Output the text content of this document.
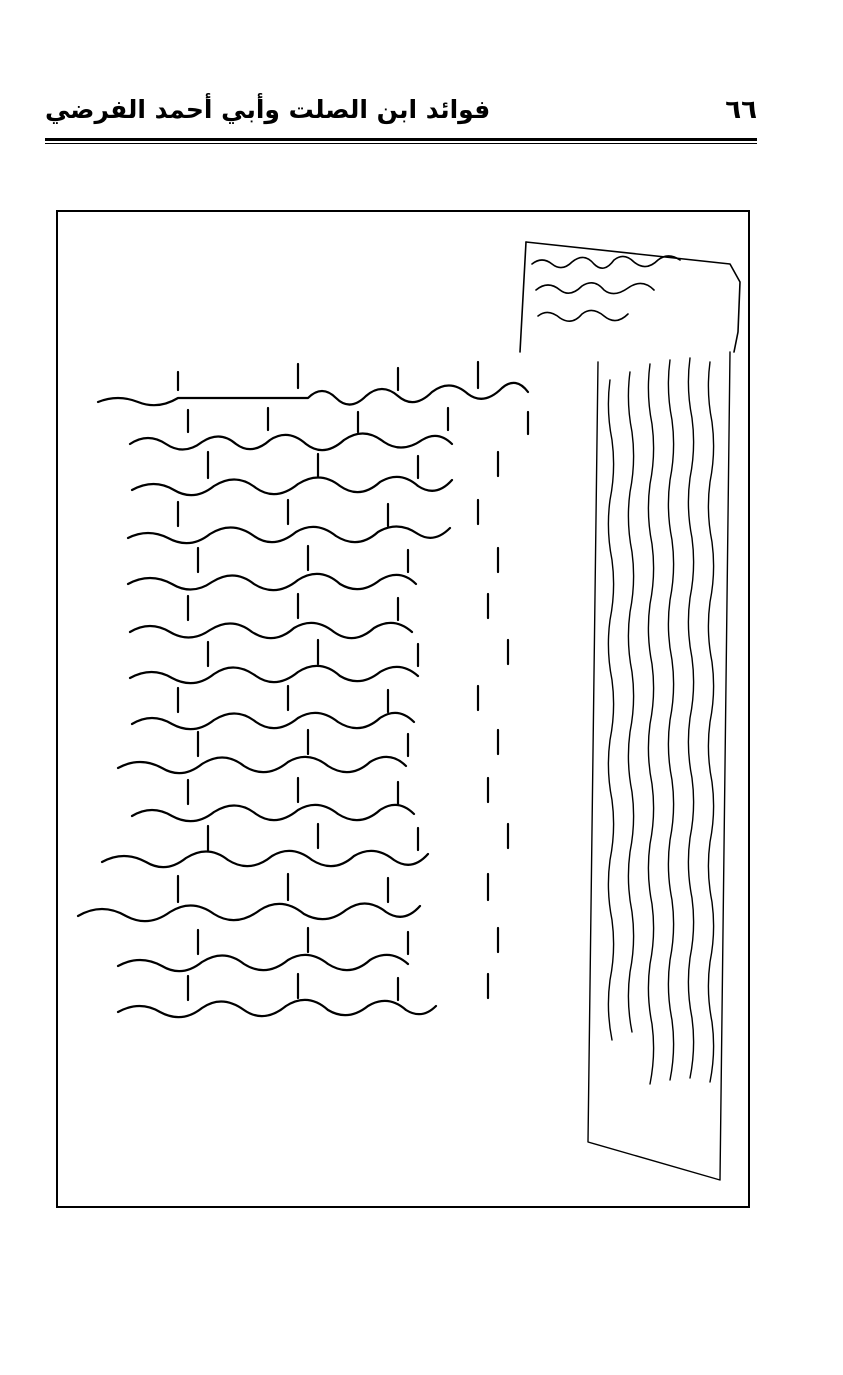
فوائد ابن الصلت وأبي أحمد الفرضي	٦٦
